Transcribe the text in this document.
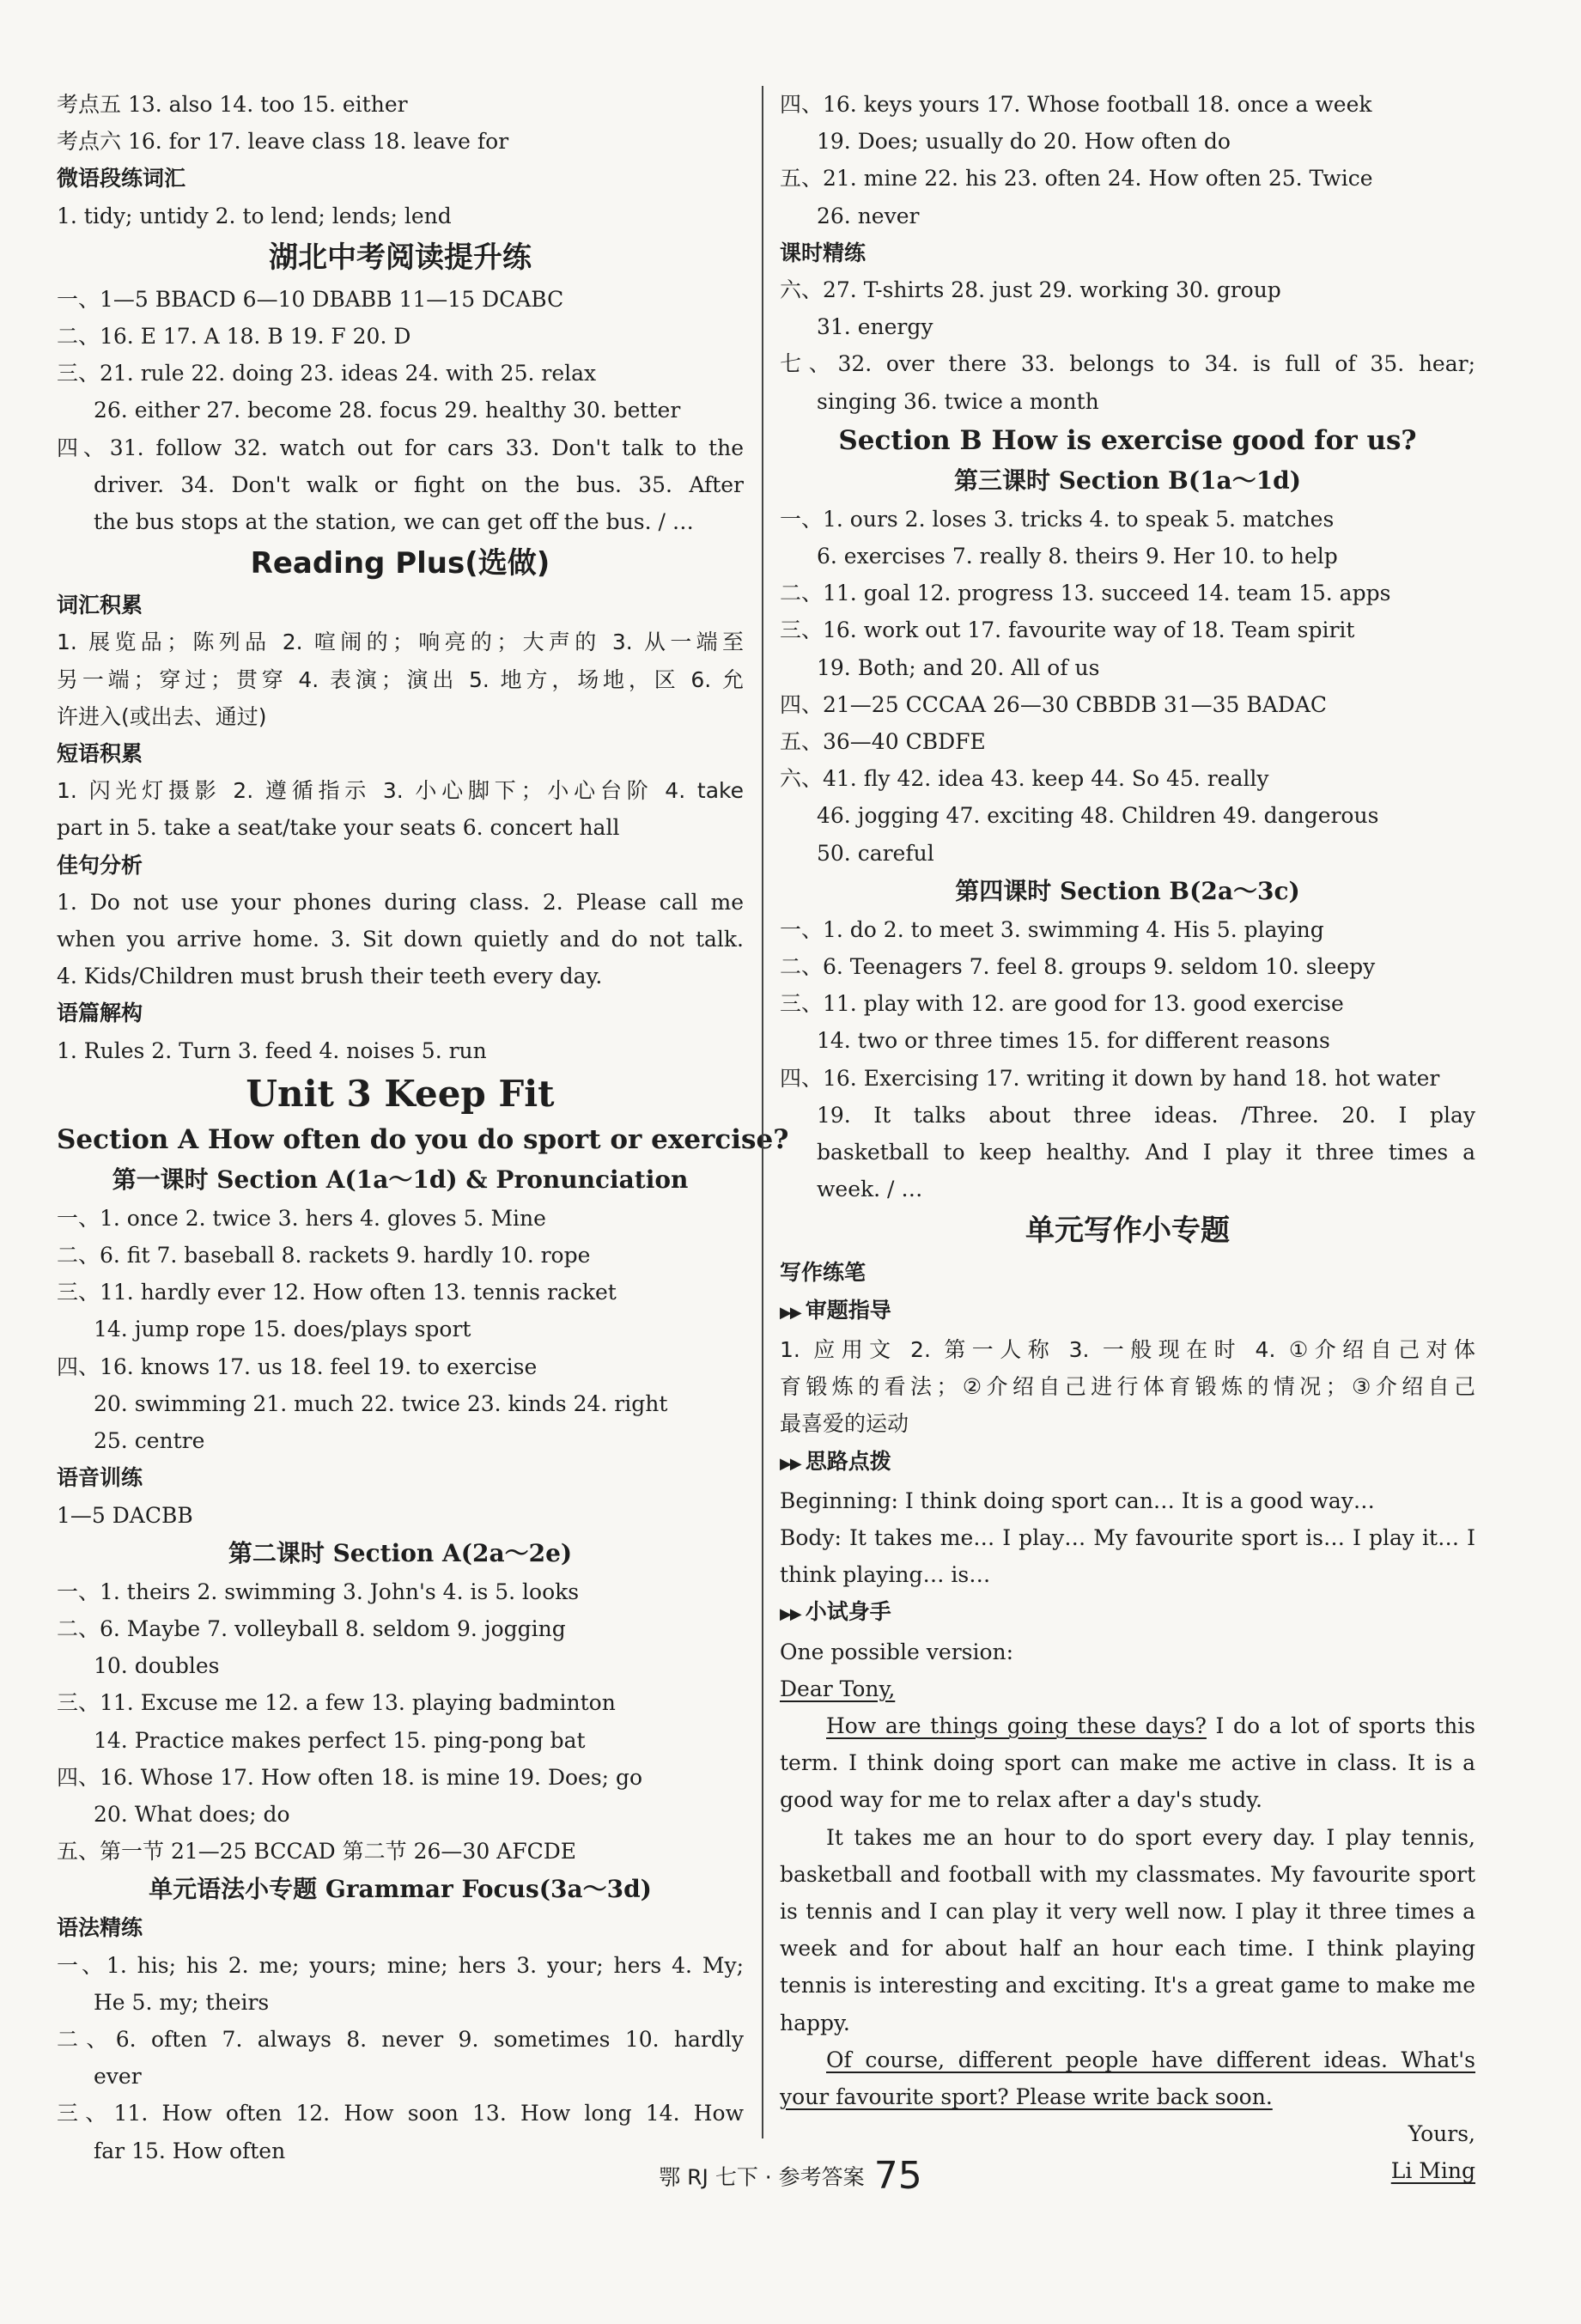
考点五 13. also 14. too 15. either
考点六 16. for 17. leave class 18. leave for
微语段练词汇
1. tidy; untidy 2. to lend; lends; lend
湖北中考阅读提升练
一、1—5 BBACD 6—10 DBABB 11—15 DCABC
二、16. E 17. A 18. B 19. F 20. D
三、21. rule 22. doing 23. ideas 24. with 25. relax
26. either 27. become 28. focus 29. healthy 30. better
四、31. follow 32. watch out for cars 33. Don't talk to the
driver. 34. Don't walk or fight on the bus. 35. After
the bus stops at the station, we can get off the bus. / …
Reading Plus(选做)
词汇积累
1. 展览品；陈列品 2. 喧闹的；响亮的；大声的 3. 从一端至
另一端；穿过；贯穿 4. 表演；演出 5. 地方，场地，区 6. 允
许进入(或出去、通过)
短语积累
1. 闪光灯摄影 2. 遵循指示 3. 小心脚下；小心台阶 4. take
part in 5. take a seat/take your seats 6. concert hall
佳句分析
1. Do not use your phones during class. 2. Please call me
when you arrive home. 3. Sit down quietly and do not talk.
4. Kids/Children must brush their teeth every day.
语篇解构
1. Rules 2. Turn 3. feed 4. noises 5. run
Unit 3 Keep Fit
Section A How often do you do sport or exercise?
第一课时 Section A(1a～1d) & Pronunciation
一、1. once 2. twice 3. hers 4. gloves 5. Mine
二、6. fit 7. baseball 8. rackets 9. hardly 10. rope
三、11. hardly ever 12. How often 13. tennis racket
14. jump rope 15. does/plays sport
四、16. knows 17. us 18. feel 19. to exercise
20. swimming 21. much 22. twice 23. kinds 24. right
25. centre
语音训练
1—5 DACBB
第二课时 Section A(2a～2e)
一、1. theirs 2. swimming 3. John's 4. is 5. looks
二、6. Maybe 7. volleyball 8. seldom 9. jogging
10. doubles
三、11. Excuse me 12. a few 13. playing badminton
14. Practice makes perfect 15. ping-pong bat
四、16. Whose 17. How often 18. is mine 19. Does; go
20. What does; do
五、第一节 21—25 BCCAD 第二节 26—30 AFCDE
单元语法小专题 Grammar Focus(3a～3d)
语法精练
一、1. his; his 2. me; yours; mine; hers 3. your; hers 4. My;
He 5. my; theirs
二、6. often 7. always 8. never 9. sometimes 10. hardly
ever
三、11. How often 12. How soon 13. How long 14. How
far 15. How often
四、16. keys yours 17. Whose football 18. once a week
19. Does; usually do 20. How often do
五、21. mine 22. his 23. often 24. How often 25. Twice
26. never
课时精练
六、27. T-shirts 28. just 29. working 30. group
31. energy
七、32. over there 33. belongs to 34. is full of 35. hear;
singing 36. twice a month
Section B How is exercise good for us?
第三课时 Section B(1a～1d)
一、1. ours 2. loses 3. tricks 4. to speak 5. matches
6. exercises 7. really 8. theirs 9. Her 10. to help
二、11. goal 12. progress 13. succeed 14. team 15. apps
三、16. work out 17. favourite way of 18. Team spirit
19. Both; and 20. All of us
四、21—25 CCCAA 26—30 CBBDB 31—35 BADAC
五、36—40 CBDFE
六、41. fly 42. idea 43. keep 44. So 45. really
46. jogging 47. exciting 48. Children 49. dangerous
50. careful
第四课时 Section B(2a～3c)
一、1. do 2. to meet 3. swimming 4. His 5. playing
二、6. Teenagers 7. feel 8. groups 9. seldom 10. sleepy
三、11. play with 12. are good for 13. good exercise
14. two or three times 15. for different reasons
四、16. Exercising 17. writing it down by hand 18. hot water
19. It talks about three ideas. /Three. 20. I play
basketball to keep healthy. And I play it three times a
week. / …
单元写作小专题
写作练笔
▶▶ 审题指导
1. 应用文 2. 第一人称 3. 一般现在时 4. ①介绍自己对体
育锻炼的看法；②介绍自己进行体育锻炼的情况；③介绍自己
最喜爱的运动
▶▶ 思路点拨
Beginning: I think doing sport can… It is a good way…
Body: It takes me… I play… My favourite sport is… I play it… I
think playing… is…
▶▶ 小试身手
One possible version:
Dear Tony,
How are things going these days? I do a lot of sports this term. I think doing sport can make me active in class. It is a good way for me to relax after a day's study.
It takes me an hour to do sport every day. I play tennis, basketball and football with my classmates. My favourite sport is tennis and I can play it very well now. I play it three times a week and for about half an hour each time. I think playing tennis is interesting and exciting. It's a great game to make me happy.
Of course, different people have different ideas. What's your favourite sport? Please write back soon.
Yours,
Li Ming
鄂 RJ 七下 · 参考答案 75
